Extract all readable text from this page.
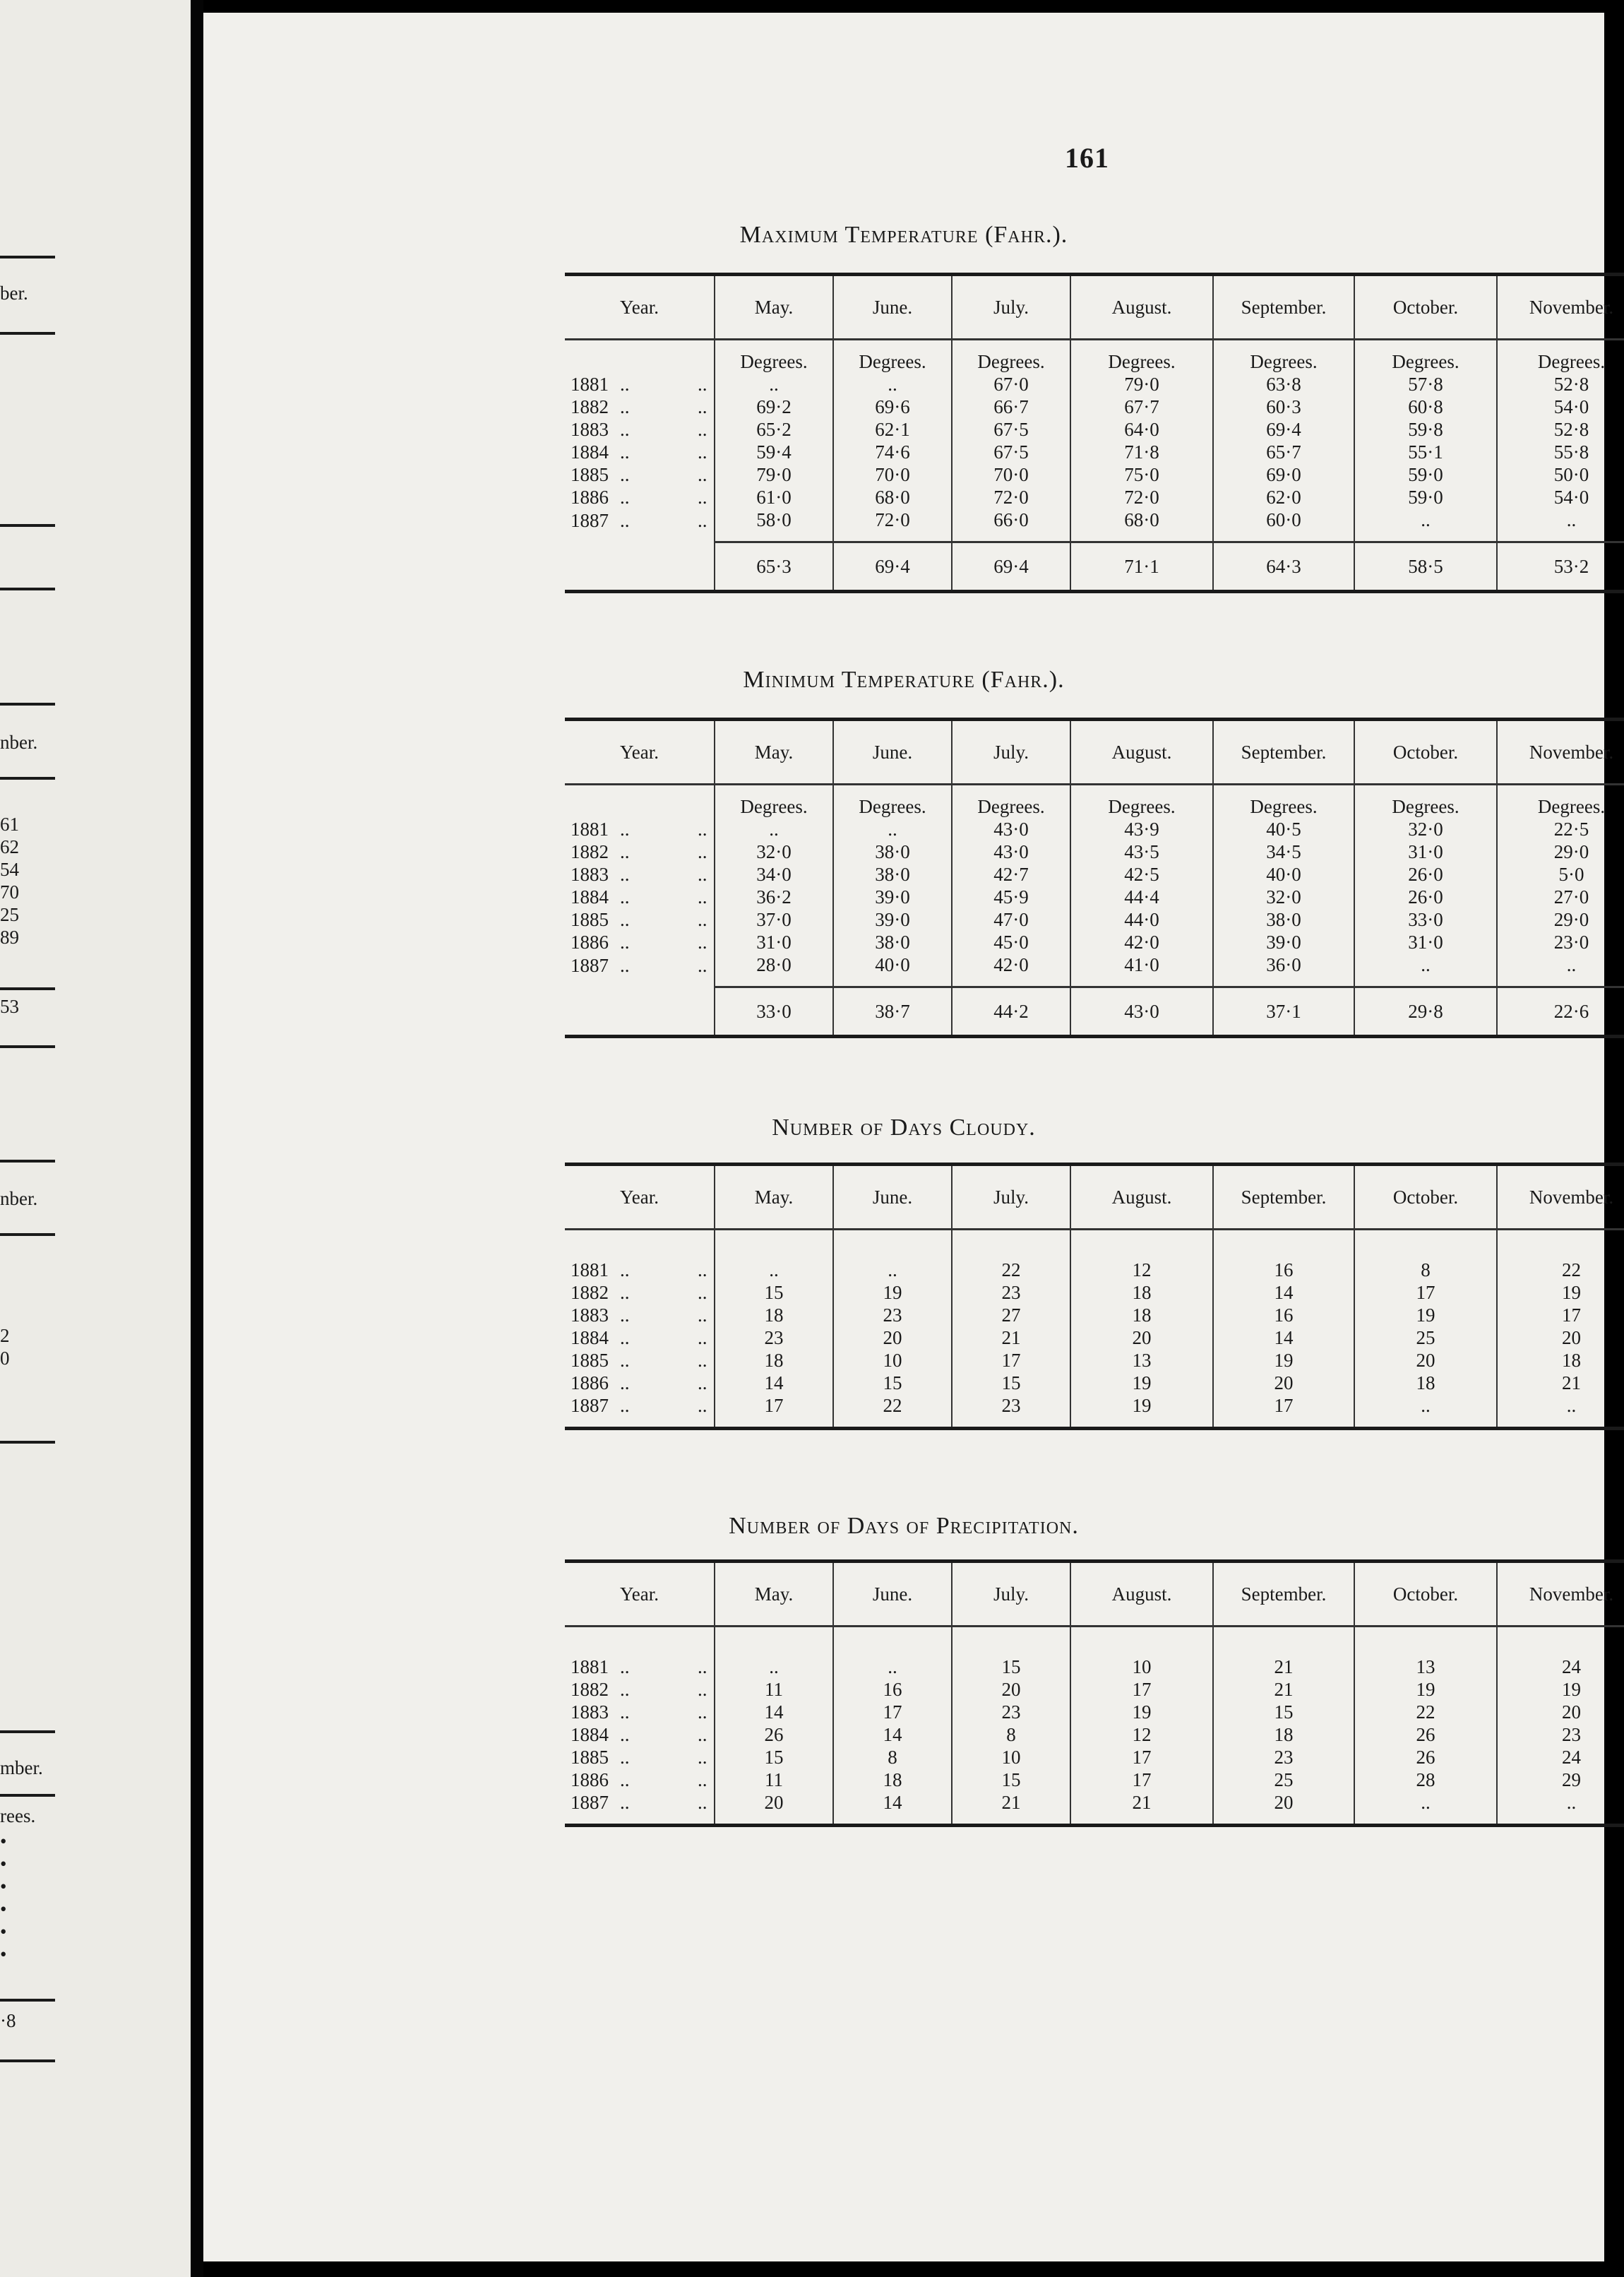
ber.
nber.
61
62
54
70
25
89
53
nber.
2
0
mber.
rees.
•
•
•
•
•
•
·8
161
Maximum Temperature (Fahr.).
Year.	May.	June.	July.	August.	September.	October.	November.
	Degrees.	Degrees.	Degrees.	Degrees.	Degrees.	Degrees.	Degrees.
1881 .. ..	..	..	67·0	79·0	63·8	57·8	52·8
1882 .. ..	69·2	69·6	66·7	67·7	60·3	60·8	54·0
1883 .. ..	65·2	62·1	67·5	64·0	69·4	59·8	52·8
1884 .. ..	59·4	74·6	67·5	71·8	65·7	55·1	55·8
1885 .. ..	79·0	70·0	70·0	75·0	69·0	59·0	50·0
1886 .. ..	61·0	68·0	72·0	72·0	62·0	59·0	54·0
1887 .. ..	58·0	72·0	66·0	68·0	60·0	..	..
	65·3	69·4	69·4	71·1	64·3	58·5	53·2
Minimum Temperature (Fahr.).
Year.	May.	June.	July.	August.	September.	October.	November.
	Degrees.	Degrees.	Degrees.	Degrees.	Degrees.	Degrees.	Degrees.
1881 .. ..	..	..	43·0	43·9	40·5	32·0	22·5
1882 .. ..	32·0	38·0	43·0	43·5	34·5	31·0	29·0
1883 .. ..	34·0	38·0	42·7	42·5	40·0	26·0	5·0
1884 .. ..	36·2	39·0	45·9	44·4	32·0	26·0	27·0
1885 .. ..	37·0	39·0	47·0	44·0	38·0	33·0	29·0
1886 .. ..	31·0	38·0	45·0	42·0	39·0	31·0	23·0
1887 .. ..	28·0	40·0	42·0	41·0	36·0	..	..
	33·0	38·7	44·2	43·0	37·1	29·8	22·6
Number of Days Cloudy.
Year.	May.	June.	July.	August.	September.	October.	November.

1881 .. ..	..	..	22	12	16	8	22
1882 .. ..	15	19	23	18	14	17	19
1883 .. ..	18	23	27	18	16	19	17
1884 .. ..	23	20	21	20	14	25	20
1885 .. ..	18	10	17	13	19	20	18
1886 .. ..	14	15	15	19	20	18	21
1887 .. ..	17	22	23	19	17	..	..
Number of Days of Precipitation.
Year.	May.	June.	July.	August.	September.	October.	November.

1881 .. ..	..	..	15	10	21	13	24
1882 .. ..	11	16	20	17	21	19	19
1883 .. ..	14	17	23	19	15	22	20
1884 .. ..	26	14	8	12	18	26	23
1885 .. ..	15	8	10	17	23	26	24
1886 .. ..	11	18	15	17	25	28	29
1887 .. ..	20	14	21	21	20	..	..
